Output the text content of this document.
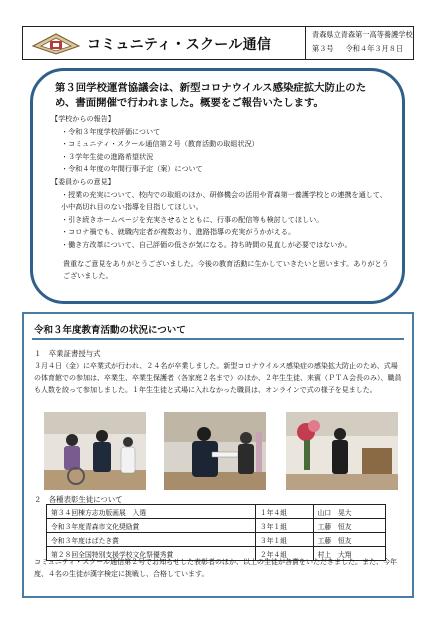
コミュニティ・スクール通信
青森県立青森第一高等養護学校
第３号 令和４年３月８日
第３回学校運営協議会は、新型コロナウイルス感染症拡大防止のため、書面開催で行われました。概要をご報告いたします。
【学校からの報告】
・令和３年度学校評価について
・コミュニティ・スクール通信第２号（教育活動の取組状況）
・３学年生徒の進路希望状況
・令和４年度の年間行事予定（案）について
【委員からの意見】
・授業の充実について、校内での取組のほか、研修機会の活用や青森第一養護学校との連携を通して、小中高切れ目のない指導を目指してほしい。
・引き続きホームページを充実させるとともに、行事の配信等も検討してほしい。
・コロナ禍でも、就職内定者が複数おり、進路指導の充実がうかがえる。
・働き方改革について、自己評価の低さが気になる。持ち時間の見直しが必要ではないか。
貴重なご意見をありがとうございました。今後の教育活動に生かしていきたいと思います。ありがとうございました。
令和３年度教育活動の状況について
１　卒業証書授与式
３月４日（金）に卒業式が行われ、２４名が卒業しました。新型コロナウイルス感染症の感染拡大防止のため、式場の体育館での参加は、卒業生、卒業生保護者（各家庭２名まで）のほか、２年生生徒、来賓（ＰＴＡ会長のみ）、職員も人数を絞って参加しました。１年生生徒と式場に入れなかった職員は、オンラインで式の様子を見ました。
２　各種表彰生徒について
第３４回棟方志功版画展　入選	１年４組	山口　晃大
令和３年度青森市文化奨励賞	３年１組	工藤　恒友
令和３年度はばたき賞	３年１組	工藤　恒友
第２８回全国特別支援学校文化祭優秀賞	２年４組	村上　大翔
コミュニティ・スクール通信第２号でお知らせした表彰者のほか、以上の生徒が各賞をいただきました。また、今年度、４名の生徒が漢字検定に挑戦し、合格しています。
